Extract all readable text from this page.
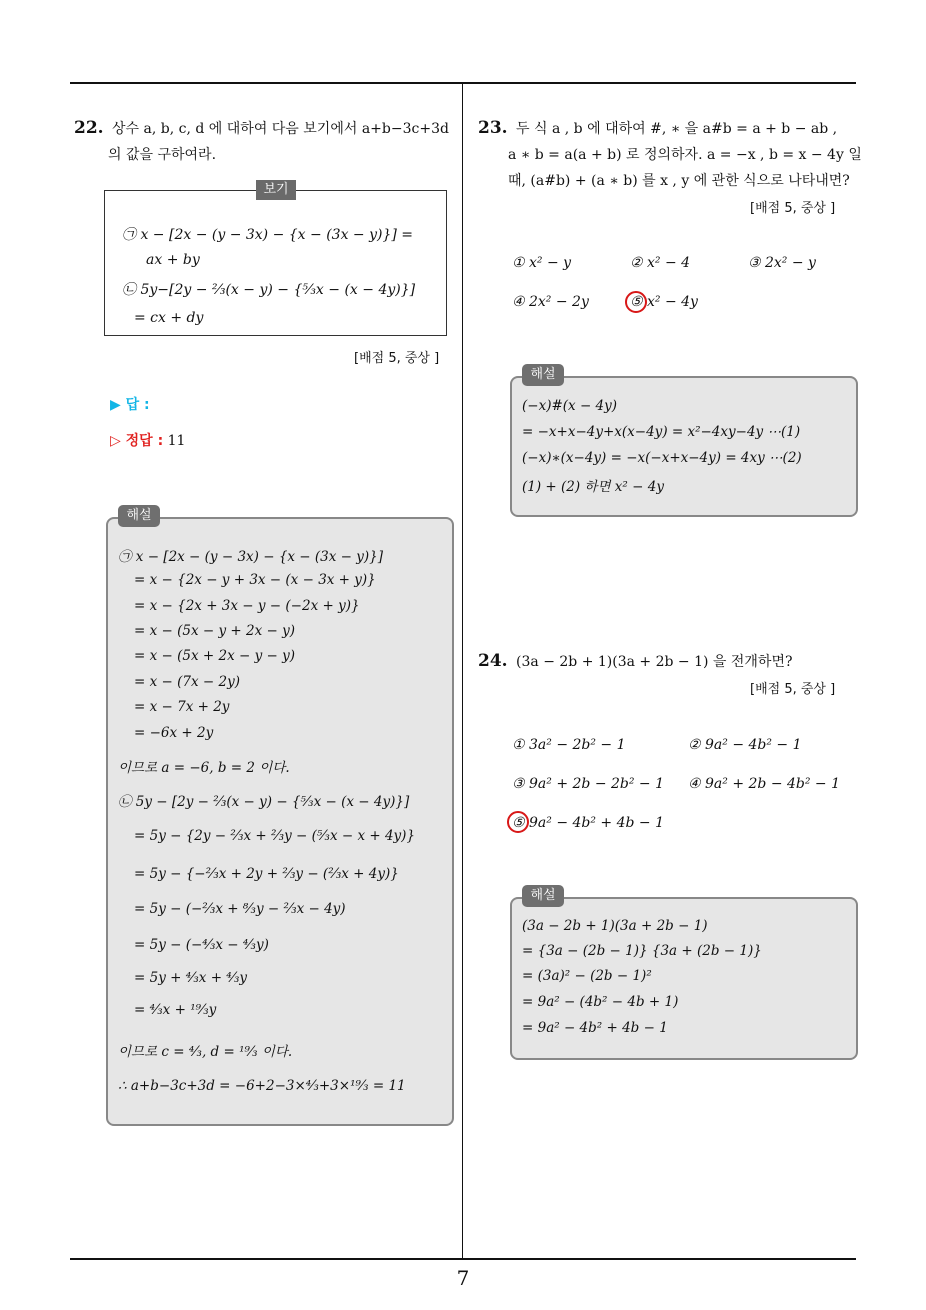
22. 상수 a, b, c, d 에 대하여 다음 보기에서 a+b−3c+3d
의 값을 구하여라.
보기
㉠ x − [2x − (y − 3x) − {x − (3x − y)}] =
ax + by
㉡ 5y−[2y − ⅔(x − y) − {⁵⁄₃x − (x − 4y)}]
= cx + dy
[배점 5, 중상 ]
▶ 답 :
▷ 정답 : 11
해설
㉠ x − [2x − (y − 3x) − {x − (3x − y)}]
= x − {2x − y + 3x − (x − 3x + y)}
= x − {2x + 3x − y − (−2x + y)}
= x − (5x − y + 2x − y)
= x − (5x + 2x − y − y)
= x − (7x − 2y)
= x − 7x + 2y
= −6x + 2y
이므로 a = −6, b = 2 이다.
㉡ 5y − [2y − ⅔(x − y) − {⁵⁄₃x − (x − 4y)}]
= 5y − {2y − ⅔x + ⅔y − (⁵⁄₃x − x + 4y)}
= 5y − {−⅔x + 2y + ⅔y − (⅔x + 4y)}
= 5y − (−⅔x + ⁸⁄₃y − ⅔x − 4y)
= 5y − (−⁴⁄₃x − ⁴⁄₃y)
= 5y + ⁴⁄₃x + ⁴⁄₃y
= ⁴⁄₃x + ¹⁹⁄₃y
이므로 c = ⁴⁄₃, d = ¹⁹⁄₃ 이다.
∴ a+b−3c+3d = −6+2−3×⁴⁄₃+3×¹⁹⁄₃ = 11
23. 두 식 a , b 에 대하여 #, ∗ 을 a#b = a + b − ab ,
a ∗ b = a(a + b) 로 정의하자. a = −x , b = x − 4y 일
때, (a#b) + (a ∗ b) 를 x , y 에 관한 식으로 나타내면?
[배점 5, 중상 ]
① x² − y	② x² − 4	③ 2x² − y
④ 2x² − 2y	⑤ x² − 4y
해설
(−x)#(x − 4y)
= −x+x−4y+x(x−4y) = x²−4xy−4y ⋯(1)
(−x)∗(x−4y) = −x(−x+x−4y) = 4xy ⋯(2)
(1) + (2) 하면 x² − 4y
24. (3a − 2b + 1)(3a + 2b − 1) 을 전개하면?
[배점 5, 중상 ]
① 3a² − 2b² − 1	② 9a² − 4b² − 1
③ 9a² + 2b − 2b² − 1 ④ 9a² + 2b − 4b² − 1
⑤ 9a² − 4b² + 4b − 1
해설
(3a − 2b + 1)(3a + 2b − 1)
= {3a − (2b − 1)} {3a + (2b − 1)}
= (3a)² − (2b − 1)²
= 9a² − (4b² − 4b + 1)
= 9a² − 4b² + 4b − 1
7
